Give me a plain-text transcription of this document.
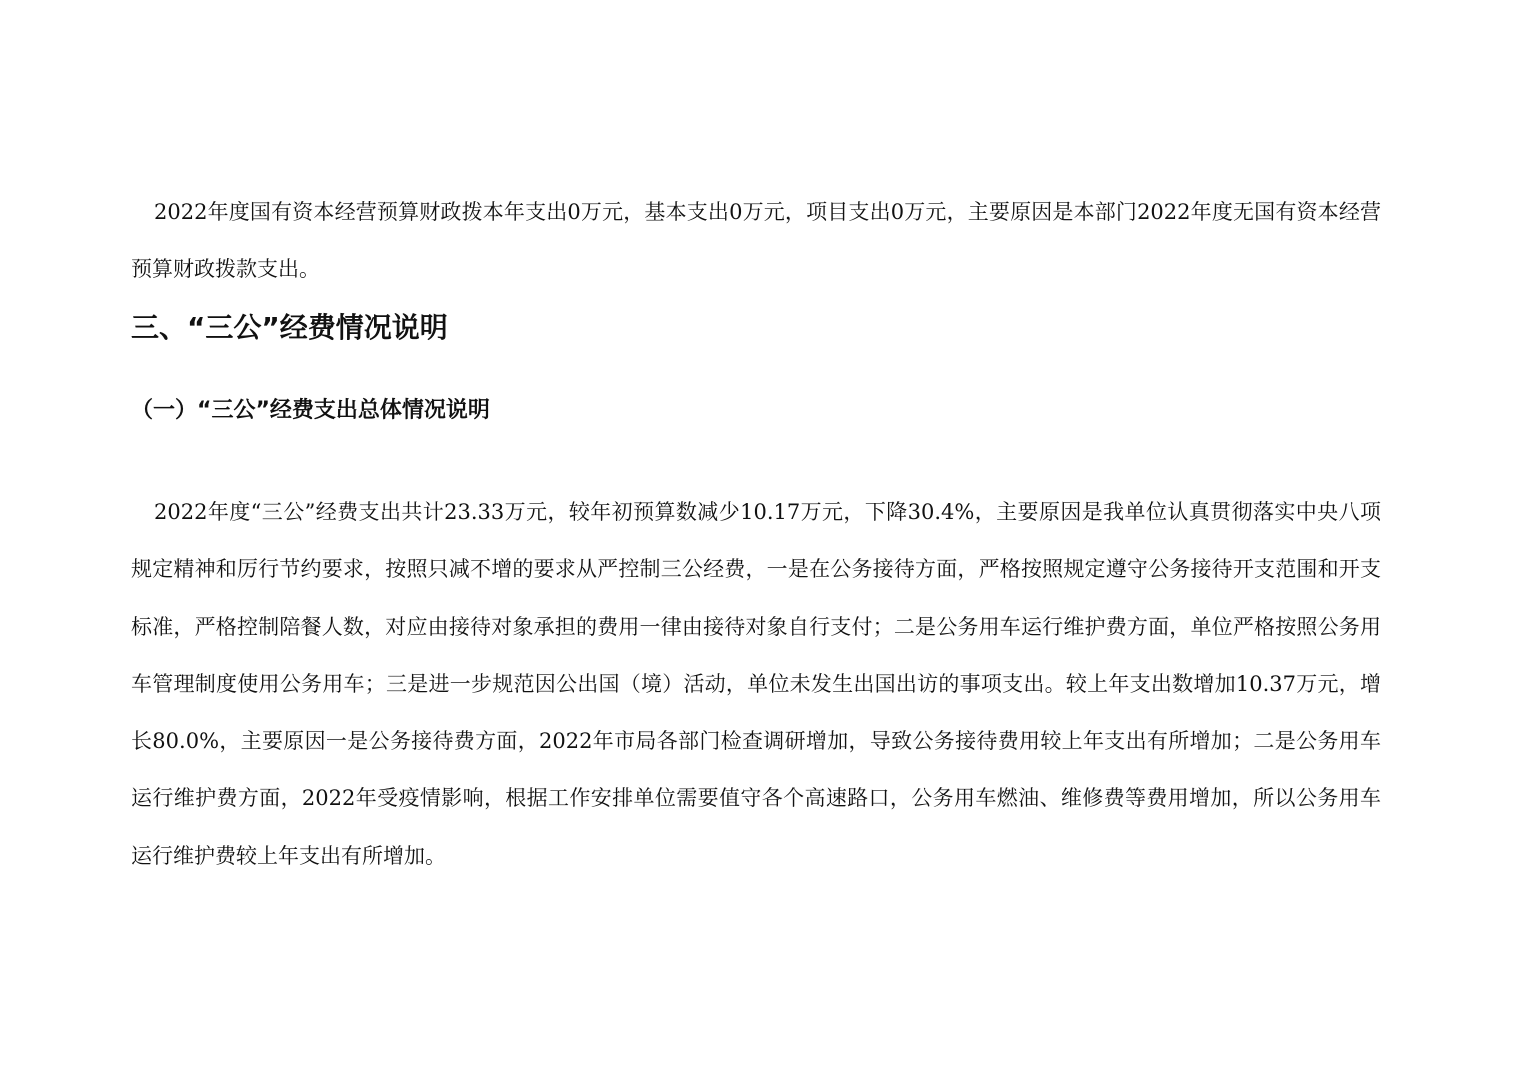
2022年度国有资本经营预算财政拨本年支出0万元，基本支出0万元，项目支出0万元，主要原因是本部门2022年度无国有资本经营预算财政拨款支出。

三、“三公”经费情况说明
（一）“三公”经费支出总体情况说明

2022年度“三公”经费支出共计23.33万元，较年初预算数减少10.17万元，下降30.4%，主要原因是我单位认真贯彻落实中央八项规定精神和厉行节约要求，按照只减不增的要求从严控制三公经费，一是在公务接待方面，严格按照规定遵守公务接待开支范围和开支标准，严格控制陪餐人数，对应由接待对象承担的费用一律由接待对象自行支付；二是公务用车运行维护费方面，单位严格按照公务用车管理制度使用公务用车；三是进一步规范因公出国（境）活动，单位未发生出国出访的事项支出。较上年支出数增加10.37万元，增长80.0%，主要原因一是公务接待费方面，2022年市局各部门检查调研增加，导致公务接待费用较上年支出有所增加；二是公务用车运行维护费方面，2022年受疫情影响，根据工作安排单位需要值守各个高速路口，公务用车燃油、维修费等费用增加，所以公务用车运行维护费较上年支出有所增加。
